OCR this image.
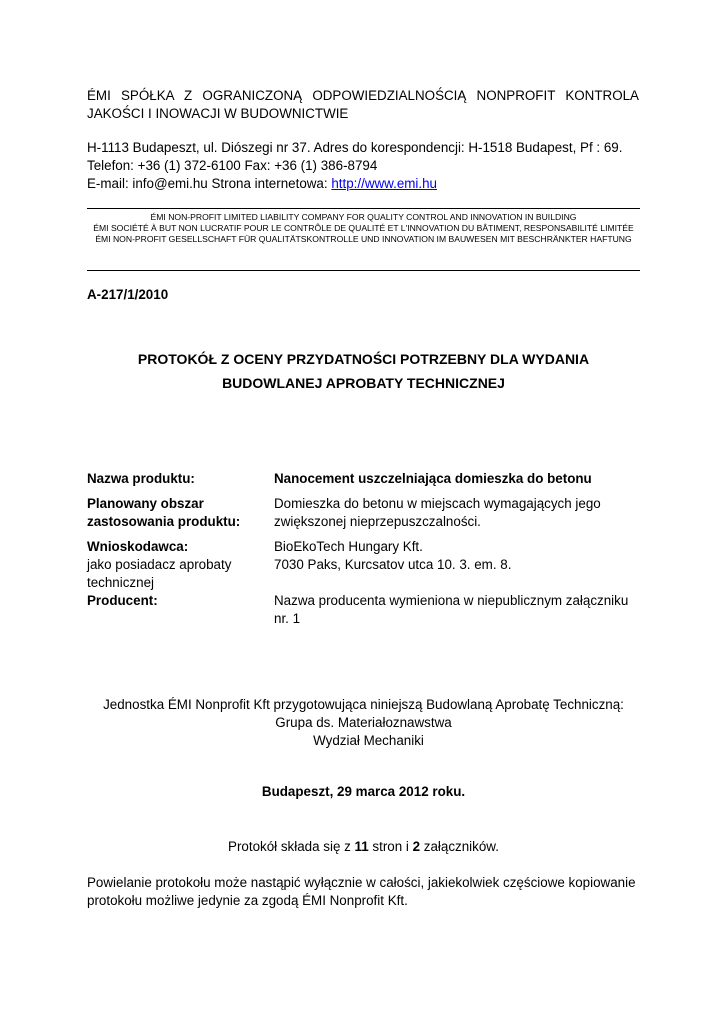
ÉMI SPÓŁKA Z OGRANICZONĄ ODPOWIEDZIALNOŚCIĄ NONPROFIT KONTROLA JAKOŚCI I INOWACJI W BUDOWNICTWIE
H-1113 Budapeszt, ul. Diószegi nr 37. Adres do korespondencji: H-1518 Budapest, Pf : 69.
Telefon: +36 (1) 372-6100 Fax: +36 (1) 386-8794
E-mail: info@emi.hu Strona internetowa: http://www.emi.hu
ÉMI NON-PROFIT LIMITED LIABILITY COMPANY FOR QUALITY CONTROL AND INNOVATION IN BUILDING
ÉMI SOCIÉTÉ À BUT NON LUCRATIF POUR LE CONTRÔLE DE QUALITÉ ET L'INNOVATION DU BÂTIMENT, RESPONSABILITÉ LIMITÉE
ÉMI NON-PROFIT GESELLSCHAFT FÜR QUALITÄTSKONTROLLE UND INNOVATION IM BAUWESEN MIT BESCHRÄNKTER HAFTUNG
A-217/1/2010
PROTOKÓŁ Z OCENY PRZYDATNOŚCI POTRZEBNY DLA WYDANIA
BUDOWLANEJ APROBATY TECHNICZNEJ
Nazwa produktu:	Nanocement uszczelniająca domieszka do betonu
Planowany obszar zastosowania produktu:
Domieszka do betonu w miejscach wymagających jego zwiększonej nieprzepuszczalności.
Wnioskodawca:
jako posiadacz aprobaty technicznej
BioEkoTech Hungary Kft.
7030 Paks, Kurcsatov utca 10. 3. em. 8.
Producent:	Nazwa producenta wymieniona w niepublicznym załączniku nr. 1
Jednostka ÉMI Nonprofit Kft przygotowująca niniejszą Budowlaną Aprobatę Techniczną:
Grupa ds. Materiałoznawstwa
Wydział Mechaniki
Budapeszt, 29 marca 2012 roku.
Protokół składa się z 11 stron i 2 załączników.
Powielanie protokołu może nastąpić wyłącznie w całości, jakiekolwiek częściowe kopiowanie protokołu możliwe jedynie za zgodą ÉMI Nonprofit Kft.
